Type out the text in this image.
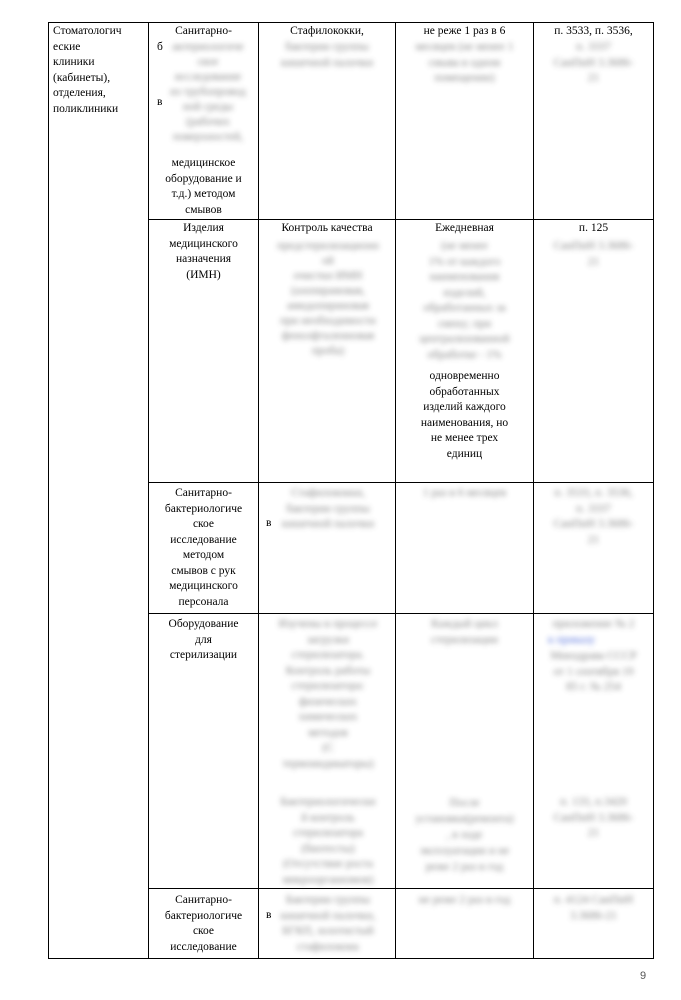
Стоматологич
еские
клиники
(кабинеты),
отделения,
поликлиники
Санитарно-
б
в
актериологиче
ское
исследование
из трубопровод
ной среды
(рабочих
поверхностей,
медицинское
оборудование и
т.д.) методом
смывов
Стафилококки,
бактерии группы
кишечной палочки
не реже 1 раз в 6
месяцев (не менее 1
смыва в одном
помещении)
п. 3533, п. 3536,
п. 3337
СанПиН 3.3686-
21
Изделия
медицинского
назначения
(ИМН)
Контроль качества
предстерилизационн
ой
очистки ИМН
(азопирамовая,
амидопириновая
при необходимости
фенолфталеиновая
проба)
Ежедневная
(не менее
1% от каждого
наименования
изделий,
обработанных за
смену; при
централизованной
обработке - 1%
одновременно
обработанных
изделий каждого
наименования, но
не менее трех
единиц
п. 125
СанПиН 3.3686-
21
Санитарно-
бактериологиче
ское
исследование
методом
смывов с рук
медицинского
персонала
в
Стафилококки,
бактерии группы
кишечной палочки
1 раз в 6 месяцев	п. 3533, п. 3536,
п. 3337
СанПиН 3.3686-
21
Оборудование
для
стерилизации
Изучены в процессе
загрузки
стерилизатора.
Контроль работы
стерилизатора:
физических
химических
методов
(С
термоиндикаторы)
Бактериологически
й контроль
стерилизатора
(биотесты)
(Отсутствие роста
микроорганизмов)
Каждый цикл
стерилизации
После
установки(ремонта)
, в ходе
эксплуатации и не
реже 2 раз в год
приложение № 2
к приказу
Минздрава СССР
от 1 сентября 19
85 г. № 254
п. 133, п.3420
СанПиН 3.3686-
21
Санитарно-
бактериологиче
ское
исследование
в
Бактерии группы
кишечной палочки,
БГКП, золотистый
стафилококк
не реже 2 раз в год	п. 4124 СанПиН
3.3686-21
9
